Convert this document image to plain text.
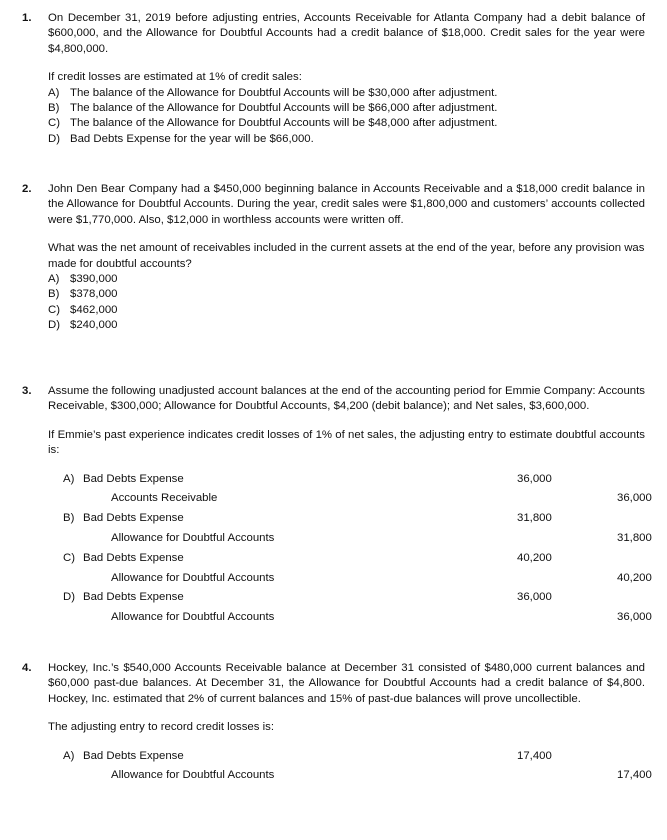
1.	On December 31, 2019 before adjusting entries, Accounts Receivable for Atlanta Company had a debit balance of $600,000, and the Allowance for Doubtful Accounts had a credit balance of $18,000. Credit sales for the year were $4,800,000.
If credit losses are estimated at 1% of credit sales:
A) The balance of the Allowance for Doubtful Accounts will be $30,000 after adjustment.
B) The balance of the Allowance for Doubtful Accounts will be $66,000 after adjustment.
C) The balance of the Allowance for Doubtful Accounts will be $48,000 after adjustment.
D) Bad Debts Expense for the year will be $66,000.
2.	John Den Bear Company had a $450,000 beginning balance in Accounts Receivable and a $18,000 credit balance in the Allowance for Doubtful Accounts. During the year, credit sales were $1,800,000 and customers’ accounts collected were $1,770,000. Also, $12,000 in worthless accounts were written off.
What was the net amount of receivables included in the current assets at the end of the year, before any provision was made for doubtful accounts?
A) $390,000
B) $378,000
C) $462,000
D) $240,000
3.	Assume the following unadjusted account balances at the end of the accounting period for Emmie Company: Accounts Receivable, $300,000; Allowance for Doubtful Accounts, $4,200 (debit balance); and Net sales, $3,600,000.
If Emmie’s past experience indicates credit losses of 1% of net sales, the adjusting entry to estimate doubtful accounts is:
A)	Bad Debts Expense	36,000	
	Accounts Receivable		36,000
B)	Bad Debts Expense	31,800	
	Allowance for Doubtful Accounts		31,800
C)	Bad Debts Expense	40,200	
	Allowance for Doubtful Accounts		40,200
D)	Bad Debts Expense	36,000	
	Allowance for Doubtful Accounts		36,000
4.	Hockey, Inc.’s $540,000 Accounts Receivable balance at December 31 consisted of $480,000 current balances and $60,000 past-due balances. At December 31, the Allowance for Doubtful Accounts had a credit balance of $4,800. Hockey, Inc. estimated that 2% of current balances and 15% of past-due balances will prove uncollectible.
The adjusting entry to record credit losses is:
A)	Bad Debts Expense	17,400	
	Allowance for Doubtful Accounts		17,400
